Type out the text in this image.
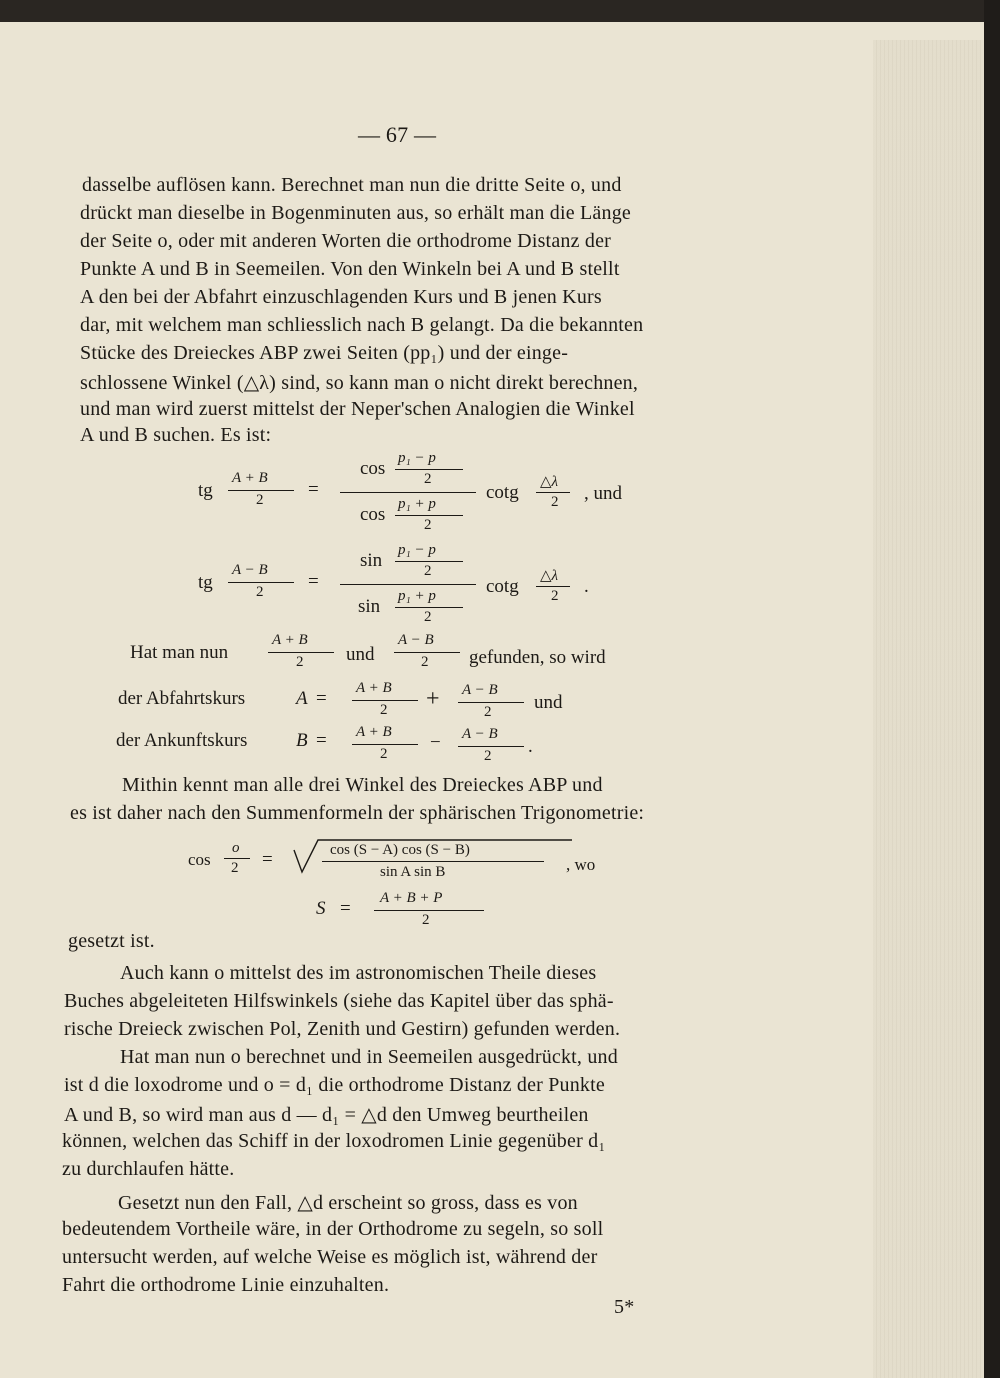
— 67 —
dasselbe auflösen kann. Berechnet man nun die dritte Seite o, und
drückt man dieselbe in Bogenminuten aus, so erhält man die Länge
der Seite o, oder mit anderen Worten die orthodrome Distanz der
Punkte A und B in Seemeilen. Von den Winkeln bei A und B stellt
A den bei der Abfahrt einzuschlagenden Kurs und B jenen Kurs
dar, mit welchem man schliesslich nach B gelangt. Da die bekannten
Stücke des Dreieckes ABP zwei Seiten (pp₁) und der einge-
schlossene Winkel (△λ) sind, so kann man o nicht direkt berechnen,
und man wird zuerst mittelst der Neper'schen Analogien die Winkel
A und B suchen. Es ist:
tg
A + B
2 =
cos p₁ − p
2
cos p₁ + p
2
cotg △λ
2 , und
tg
A − B
2 =
sin p₁ − p
2
sin p₁ + p
2
cotg △λ
2 .
Hat man nun
A + B
2 und
A − B
2 gefunden, so wird
der Abfahrtskurs	A = A + B
2 + A − B
2 und
der Ankunftskurs	B = A + B
2
− A − B
2 .
Mithin kennt man alle drei Winkel des Dreieckes ABP und
es ist daher nach den Summenformeln der sphärischen Trigonometrie:
cos
o
2 =	cos (S − A) cos (S − B)
sin A sin B	, wo
S = A + B + P
2
gesetzt ist.
Auch kann o mittelst des im astronomischen Theile dieses
Buches abgeleiteten Hilfswinkels (siehe das Kapitel über das sphä-
rische Dreieck zwischen Pol, Zenith und Gestirn) gefunden werden.
Hat man nun o berechnet und in Seemeilen ausgedrückt, und
ist d die loxodrome und o = d₁ die orthodrome Distanz der Punkte
A und B, so wird man aus d — d₁ = △d den Umweg beurtheilen
können, welchen das Schiff in der loxodromen Linie gegenüber d₁
zu durchlaufen hätte.
Gesetzt nun den Fall, △d erscheint so gross, dass es von
bedeutendem Vortheile wäre, in der Orthodrome zu segeln, so soll
untersucht werden, auf welche Weise es möglich ist, während der
Fahrt die orthodrome Linie einzuhalten.
5*
